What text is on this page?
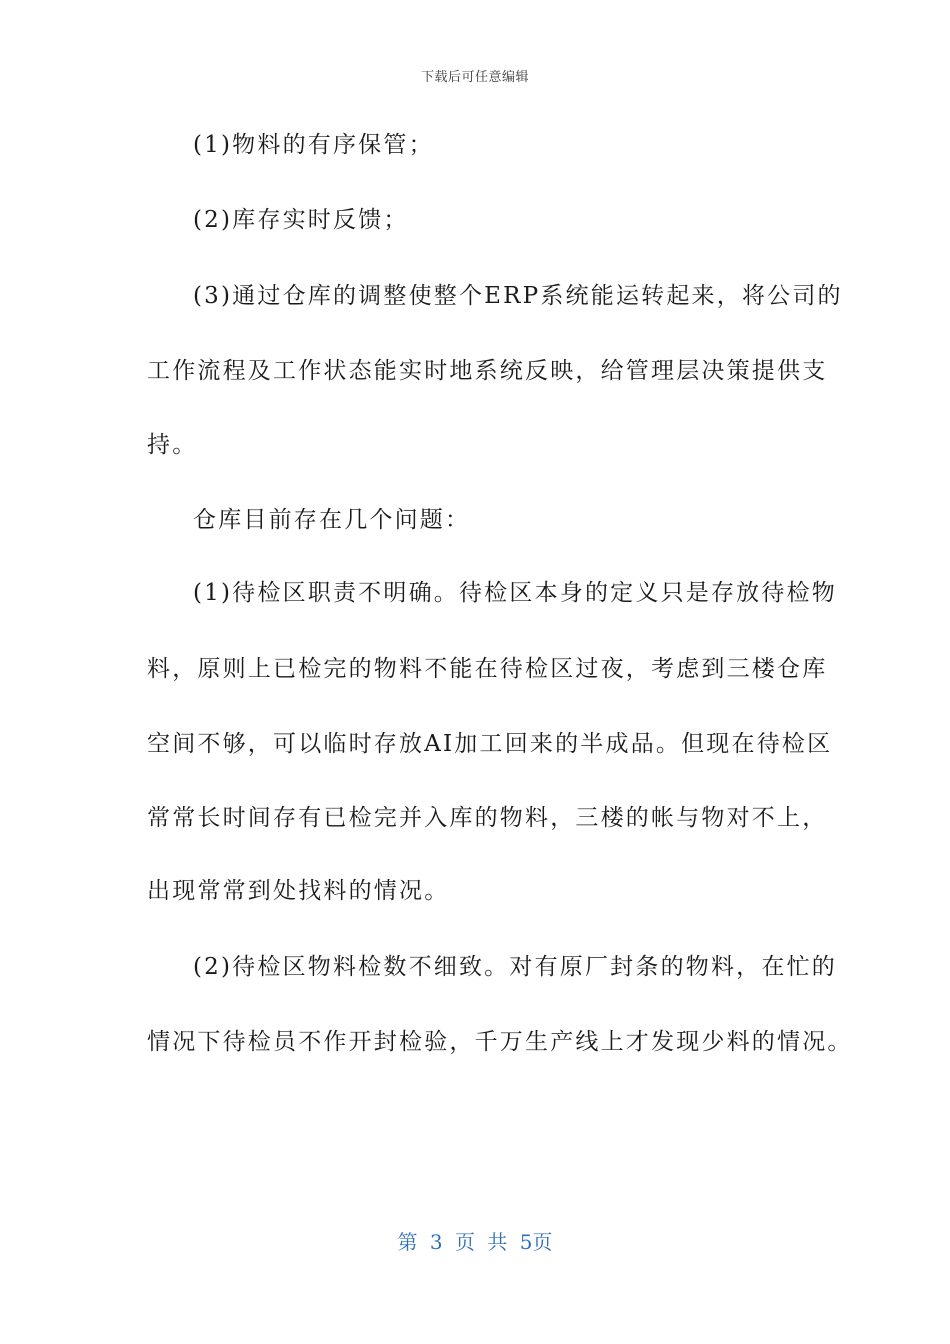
下载后可任意编辑
(1)物料的有序保管；
(2)库存实时反馈；
(3)通过仓库的调整使整个ERP系统能运转起来，将公司的
工作流程及工作状态能实时地系统反映，给管理层决策提供支
持。
仓库目前存在几个问题：
(1)待检区职责不明确。待检区本身的定义只是存放待检物
料，原则上已检完的物料不能在待检区过夜，考虑到三楼仓库
空间不够，可以临时存放AI加工回来的半成品。但现在待检区
常常长时间存有已检完并入库的物料，三楼的帐与物对不上，
出现常常到处找料的情况。
(2)待检区物料检数不细致。对有原厂封条的物料，在忙的
情况下待检员不作开封检验，千万生产线上才发现少料的情况。
第 3 页 共 5页
